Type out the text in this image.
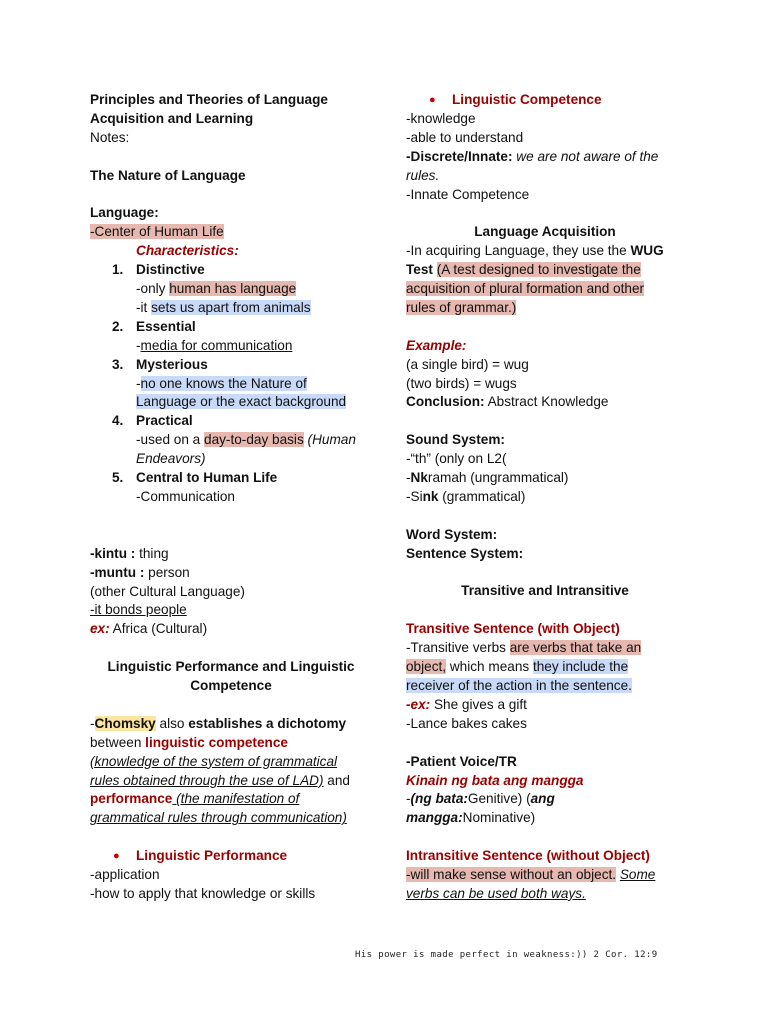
Principles and Theories of Language
Acquisition and Learning
Notes:
The Nature of Language
Language:
-Center of Human Life
Characteristics:
1. Distinctive
-only human has language
-it sets us apart from animals
2. Essential
-media for communication
3. Mysterious
-no one knows the Nature of
Language or the exact background
4. Practical
-used on a day-to-day basis (Human
Endeavors)
5. Central to Human Life
-Communication
-kintu : thing
-muntu : person
(other Cultural Language)
-it bonds people
ex: Africa (Cultural)
Linguistic Performance and Linguistic
Competence
-Chomsky also establishes a dichotomy
between linguistic competence
(knowledge of the system of grammatical
rules obtained through the use of LAD) and
performance (the manifestation of
grammatical rules through communication)
● Linguistic Performance
-application
-how to apply that knowledge or skills
● Linguistic Competence
-knowledge
-able to understand
-Discrete/Innate: we are not aware of the
rules.
-Innate Competence
Language Acquisition
-In acquiring Language, they use the WUG
Test (A test designed to investigate the
acquisition of plural formation and other
rules of grammar.)
Example:
(a single bird) = wug
(two birds) = wugs
Conclusion: Abstract Knowledge
Sound System:
-“th” (only on L2(
-Nkramah (ungrammatical)
-Sink (grammatical)
Word System:
Sentence System:
Transitive and Intransitive
Transitive Sentence (with Object)
-Transitive verbs are verbs that take an
object, which means they include the
receiver of the action in the sentence.
-ex: She gives a gift
-Lance bakes cakes
-Patient Voice/TR
Kinain ng bata ang mangga
-(ng bata:Genitive) (ang
mangga:Nominative)
Intransitive Sentence (without Object)
-will make sense without an object. Some
verbs can be used both ways.
His power is made perfect in weakness:)) 2 Cor. 12:9
